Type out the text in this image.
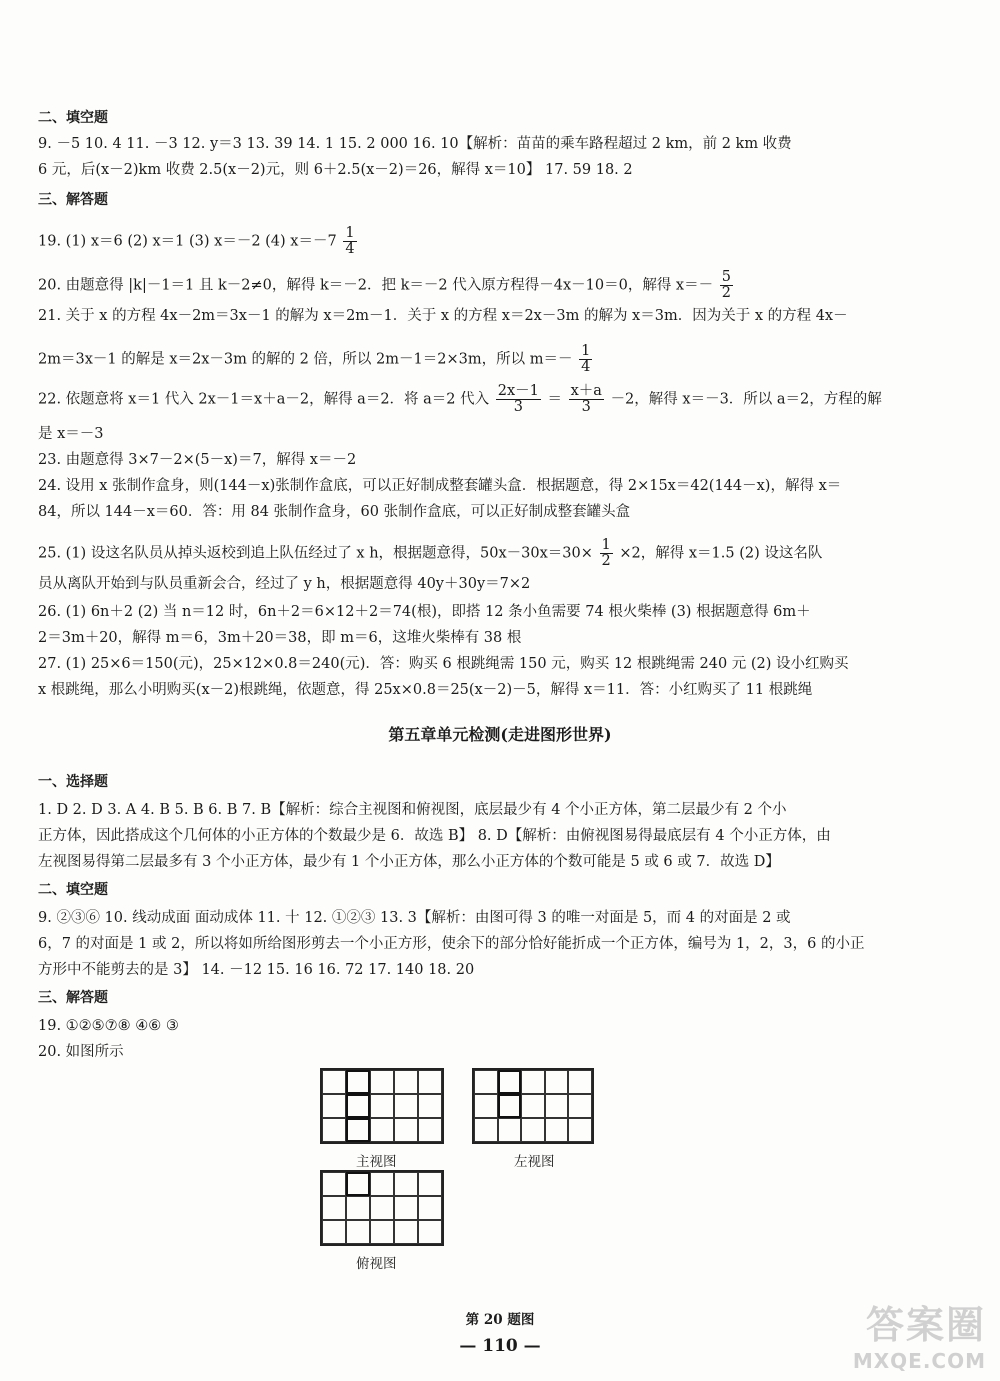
二、填空题
9. －5 10. 4 11. －3 12. y＝3 13. 39 14. 1 15. 2 000 16. 10【解析：苗苗的乘车路程超过 2 km，前 2 km 收费
6 元，后(x－2)km 收费 2.5(x－2)元，则 6＋2.5(x－2)＝26，解得 x＝10】 17. 59 18. 2
三、解答题
19. (1) x＝6 (2) x＝1 (3) x＝－2 (4) $x=-7 \frac{1}{4}$
20. 由题意得 |k|－1＝1 且 k－2≠0，解得 k＝－2．把 k＝－2 代入原方程得－4x－10＝0，解得 $x=- \frac{5}{2}$
21. 关于 x 的方程 4x－2m＝3x－1 的解为 x＝2m－1．关于 x 的方程 x＝2x－3m 的解为 x＝3m．因为关于 x 的方程 4x－
2m＝3x－1 的解是 x＝2x－3m 的解的 2 倍，所以 2m－1＝2×3m，所以 $m=- \frac{1}{4}$
22. 依题意将 x＝1 代入 2x－1＝x＋a－2，解得 a＝2．将 a＝2 代入 $\frac{2x-1}{3} = \frac{x+a}{3} -2$，解得 x＝－3．所以 a＝2，方程的解
是 x＝－3
23. 由题意得 3×7－2×(5－x)＝7，解得 x＝－2
24. 设用 x 张制作盒身，则(144－x)张制作盒底，可以正好制成整套罐头盒．根据题意，得 2×15x＝42(144－x)，解得 x＝
84，所以 144－x＝60．答：用 84 张制作盒身，60 张制作盒底，可以正好制成整套罐头盒
25. (1) 设这名队员从掉头返校到追上队伍经过了 x h，根据题意得，$50x-30x=30\times \frac{1}{2} \times 2$，解得 x＝1.5 (2) 设这名队
员从离队开始到与队员重新会合，经过了 y h，根据题意得 40y＋30y＝7×2
26. (1) 6n＋2 (2) 当 n＝12 时，6n＋2＝6×12＋2＝74(根)，即搭 12 条小鱼需要 74 根火柴棒 (3) 根据题意得 6m＋
2＝3m＋20，解得 m＝6，3m＋20＝38，即 m＝6，这堆火柴棒有 38 根
27. (1) 25×6＝150(元)，25×12×0.8＝240(元)．答：购买 6 根跳绳需 150 元，购买 12 根跳绳需 240 元 (2) 设小红购买
x 根跳绳，那么小明购买(x－2)根跳绳，依题意，得 25x×0.8＝25(x－2)－5，解得 x＝11．答：小红购买了 11 根跳绳
第五章单元检测(走进图形世界)
一、选择题
1. D 2. D 3. A 4. B 5. B 6. B 7. B【解析：综合主视图和俯视图，底层最少有 4 个小正方体，第二层最少有 2 个小
正方体，因此搭成这个几何体的小正方体的个数最少是 6．故选 B】 8. D【解析：由俯视图易得最底层有 4 个小正方体，由
左视图易得第二层最多有 3 个小正方体，最少有 1 个小正方体，那么小正方体的个数可能是 5 或 6 或 7．故选 D】
二、填空题
9. ②③⑥ 10. 线动成面 面动成体 11. 十 12. ①②③ 13. 3【解析：由图可得 3 的唯一对面是 5，而 4 的对面是 2 或
6，7 的对面是 1 或 2，所以将如所给图形剪去一个小正方形，使余下的部分恰好能折成一个正方体，编号为 1，2，3，6 的小正
方形中不能剪去的是 3】 14. －12 15. 16 16. 72 17. 140 18. 20
三、解答题
19. ①②⑤⑦⑧ ④⑥ ③
20. 如图所示
主视图	左视图
俯视图
第 20 题图
— 110 —	答案圈
MXQE.COM
